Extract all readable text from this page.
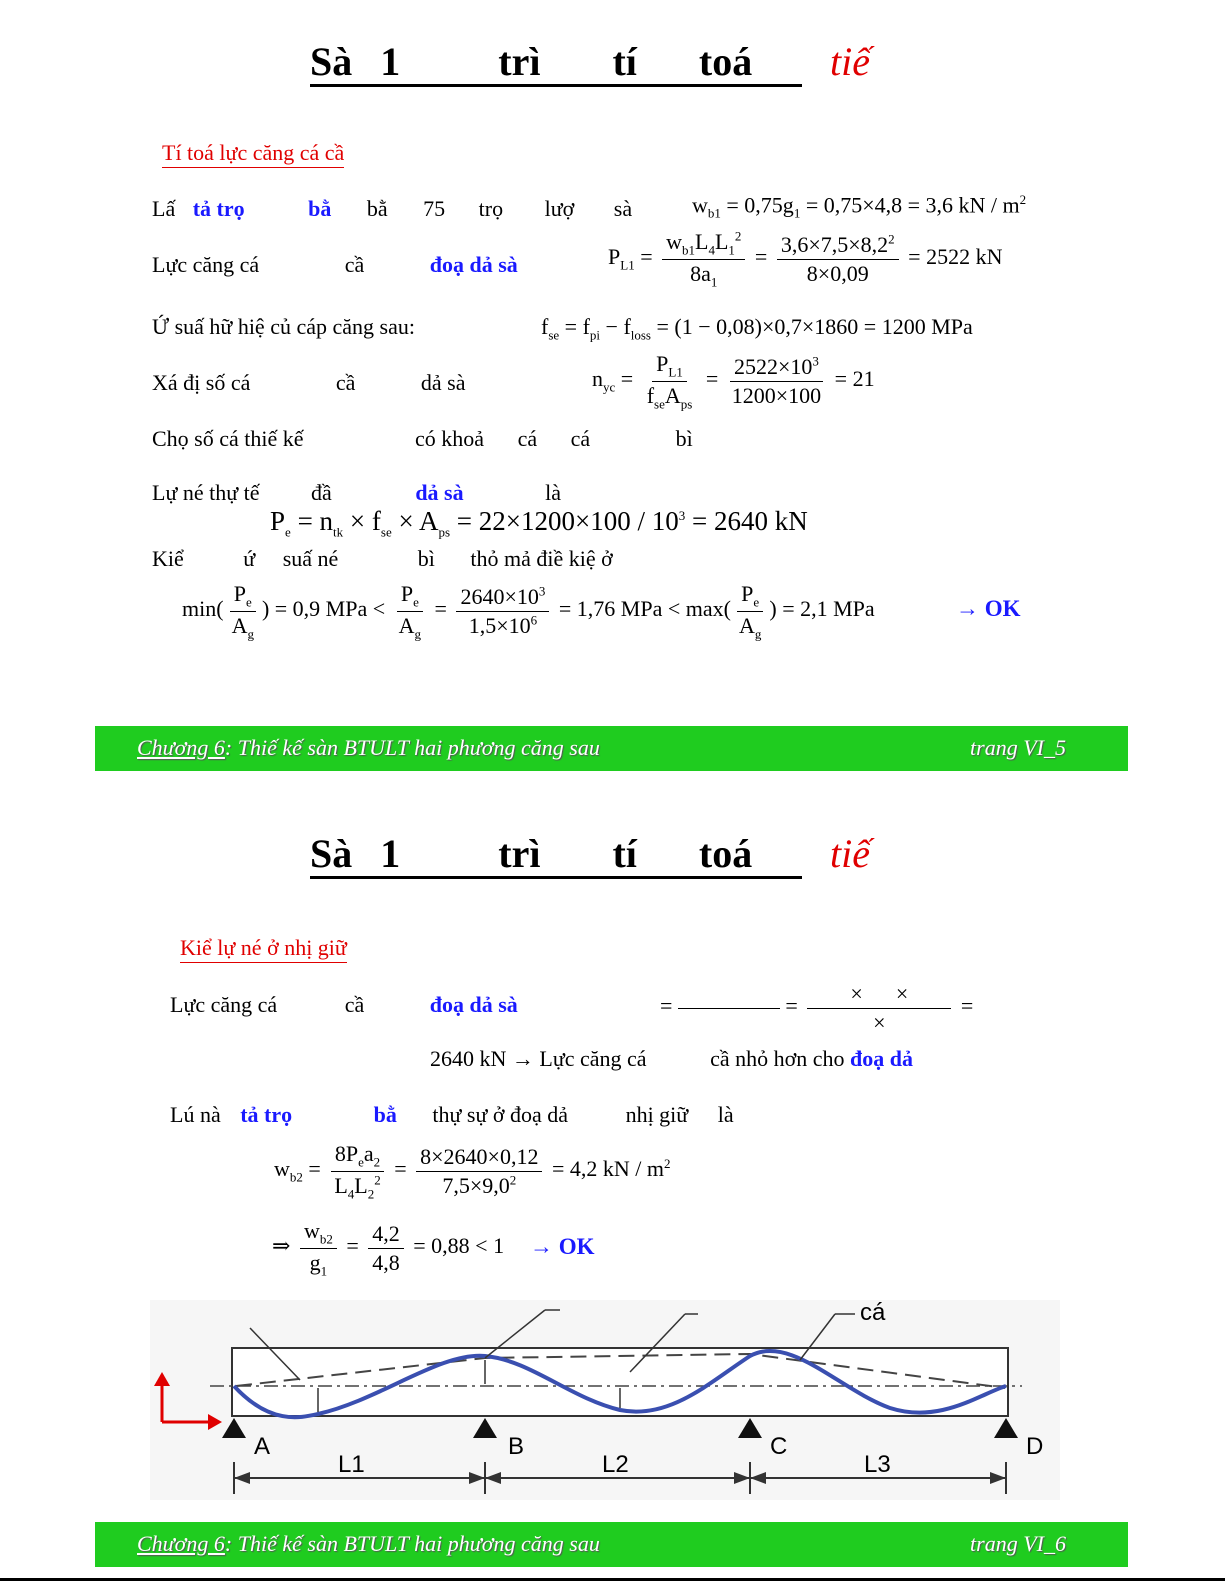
Sà 1 trì tí toá tiế
Tí toá lực căng cá cầ
Lấ tả trọ	bằ bằ 75 trọ lượ sà	$w_{b1} = 0,75g_1 = 0,75\times 4,8 = 3,6$ kN / $m^2$
Lực căng cá	cầ	đoạ dả sà	$P_{L1} = \frac{w_{b1}L_4L_1^2}{8a_1} = \frac{3,6\times 7,5\times 8,2^2}{8\times 0,09} = 2522$ kN
Ứ suấ hữ hiệ củ cáp căng sau:	$f_{se} = f_{pi} - f_{loss} = (1 - 0,08)\times 0,7\times 1860 = 1200$ MPa
Xá đị số cá	cầ	dả sà	$n_{yc} = \frac{P_{L1}}{f_{se}A_{ps}} = \frac{2522\times 10^3}{1200\times 100} = 21$
Chọ số cá thiế kế	có khoả cá cá	bì
Lự né thự tế đầ	dả sà	là
$P_e = n_{tk} \times f_{se} \times A_{ps} = 22\times 1200\times 100 / 10^3 = 2640$ kN
Kiể	ứ suấ né	bì thỏ mả điề kiệ ở
$\min( \frac{P_e}{A_g}$ ) = 0,9 MPa < $\frac{P_e}{A_g} = \frac{2640\times 10^3}{1,5\times 10^6} = 1,76$ MPa < $\max( \frac{P_e}{A_g}$ ) = 2,1 MPa	→ OK
Chương 6: Thiế kế sàn BTULT hai phương căng sau	trang VI_5
Sà 1 trì tí toá tiế
Kiể lự né ở nhị giữ
Lực căng cá	cầ	đoạ dả sà	=	= $\frac{\times \times}{\times}$ =
2640 kN → Lực căng cá	cầ nhỏ hơn cho đoạ dả
Lú nà tả trọ	bằ thự sự ở đoạ dả	nhị giữ là
$w_{b2} = \frac{8P_ea_2}{L_4L_2^2} = \frac{8\times 2640\times 0,12}{7,5\times 9,0^2} = 4,2$ kN / $m^2$
⇒ $\frac{w_{b2}}{g_1} = \frac{4,2}{4,8} = 0,88 < 1$ → OK
cá
A	B	C	D
L1	L2	L3
Chương 6: Thiế kế sàn BTULT hai phương căng sau	trang VI_6
